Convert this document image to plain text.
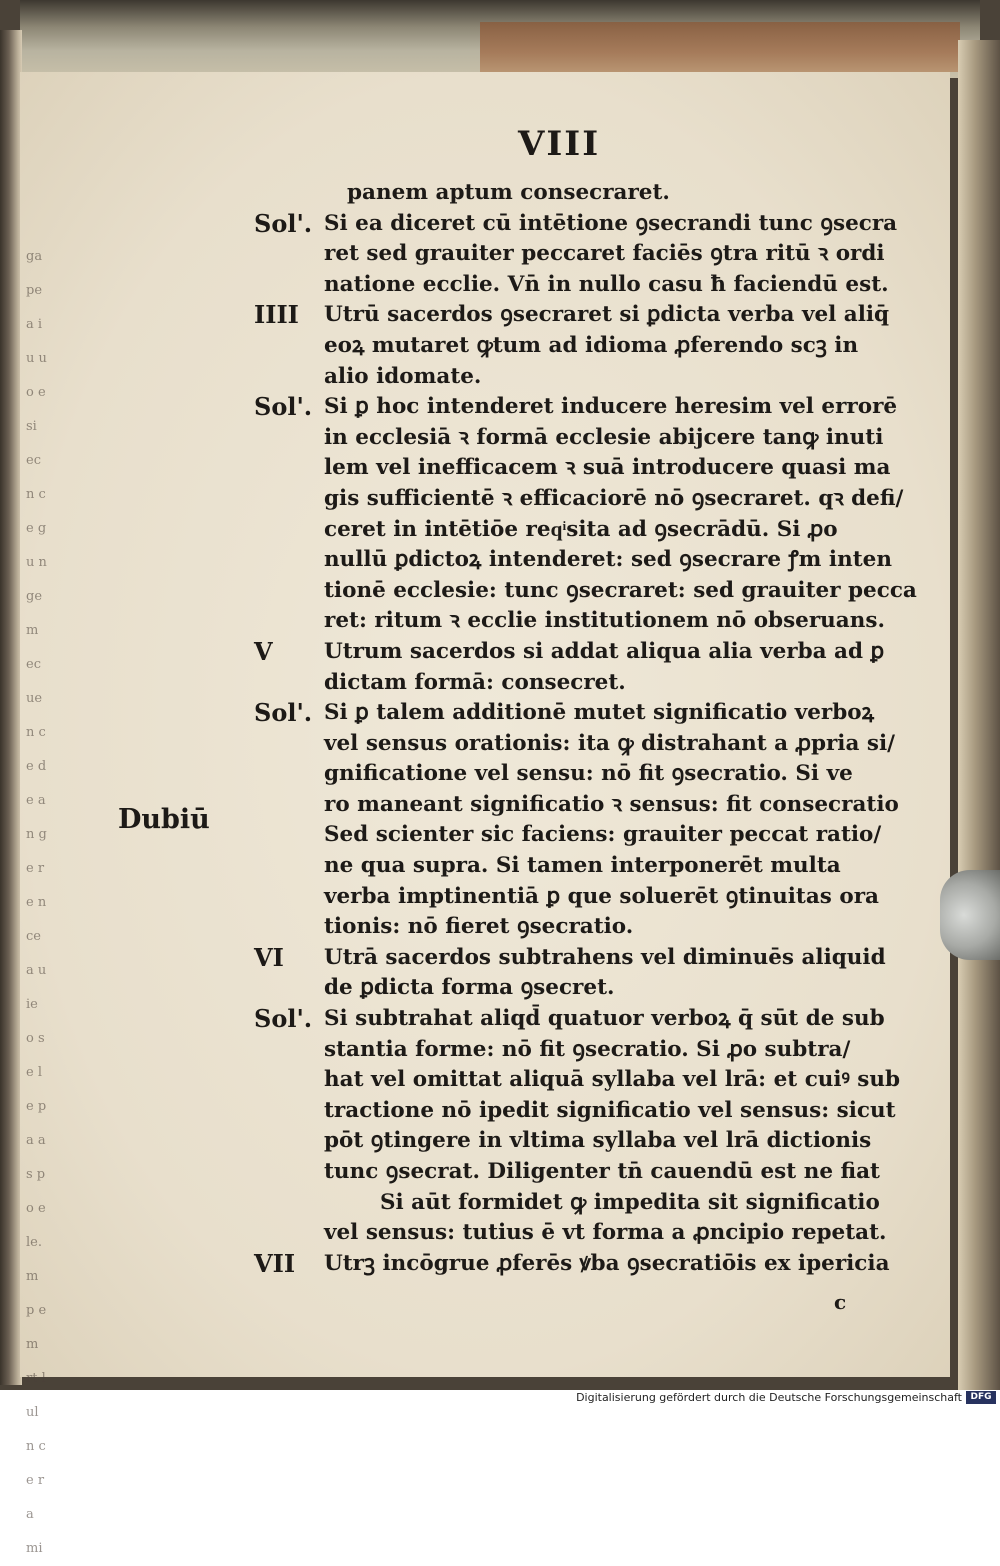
ga pe a i u uo e si ec n ce gu n ge m ec ue n ce de a n ge re n ce a u ie o se le pa a s p o ele. m p e m rt l ul n ce ra mi
VIII
panem aptum consecraret.
Sol'. Si ea diceret cū intētione ꝯsecrandi tunc ꝯsecra
ret sed grauiter peccaret faciēs ꝯtra ritū ꝛ ordi
natione ecclie. Vn̄ in nullo casu ħ faciendū est.
IIII Utrū sacerdos ꝯsecraret si ꝑdicta verba vel aliq̄
eoꝝ mutaret ꝙtum ad idioma ꝓferendo scꝫ in
alio idomate.
Sol'. Si ꝑ hoc intenderet inducere heresim vel errorē
in ecclesiā ꝛ formā ecclesie abijcere tanꝙ inuti
lem vel inefficacem ꝛ suā introducere quasi ma
gis sufficientē ꝛ efficaciorē nō ꝯsecraret. qꝛ defi/
ceret in intētiōe reqͥsita ad ꝯsecrādū. Si ꝓo
nullū ꝑdictoꝝ intenderet: sed ꝯsecrare ꝭm inten
tionē ecclesie: tunc ꝯsecraret: sed grauiter pecca
ret: ritum ꝛ ecclie institutionem nō obseruans.
V Utrum sacerdos si addat aliqua alia verba ad ꝑ
dictam formā: consecret.
Sol'. Si ꝑ talem additionē mutet significatio verboꝝ
vel sensus orationis: ita ꝙ distrahant a ꝓpria si/
gnificatione vel sensu: nō fit ꝯsecratio. Si ve
ro maneant significatio ꝛ sensus: fit consecratio
Sed scienter sic faciens: grauiter peccat ratio/
ne qua supra. Si tamen interponerēt multa
verba imptinentiā ꝑ que soluerēt ꝯtinuitas ora
tionis: nō fieret ꝯsecratio.
VI Utrā sacerdos subtrahens vel diminuēs aliquid
de ꝑdicta forma ꝯsecret.
Sol'. Si subtrahat aliqd̄ quatuor verboꝝ q̄ sūt de sub
stantia forme: nō fit ꝯsecratio. Si ꝓo subtra/
hat vel omittat aliquā syllaba vel lrā: et cuiꝰ sub
tractione nō ipedit significatio vel sensus: sicut
pōt ꝯtingere in vltima syllaba vel lrā dictionis
tunc ꝯsecrat. Diligenter tn̄ cauendū est ne fiat
Si aūt formidet ꝙ impedita sit significatio
vel sensus: tutius ē vt forma a ꝓncipio repetat.
VII Utrꝫ incōgrue ꝓferēs ꝟba ꝯsecratiōis ex ipericia
Dubiū
c
Digitalisierung gefördert durch die Deutsche Forschungsgemeinschaft DFG
